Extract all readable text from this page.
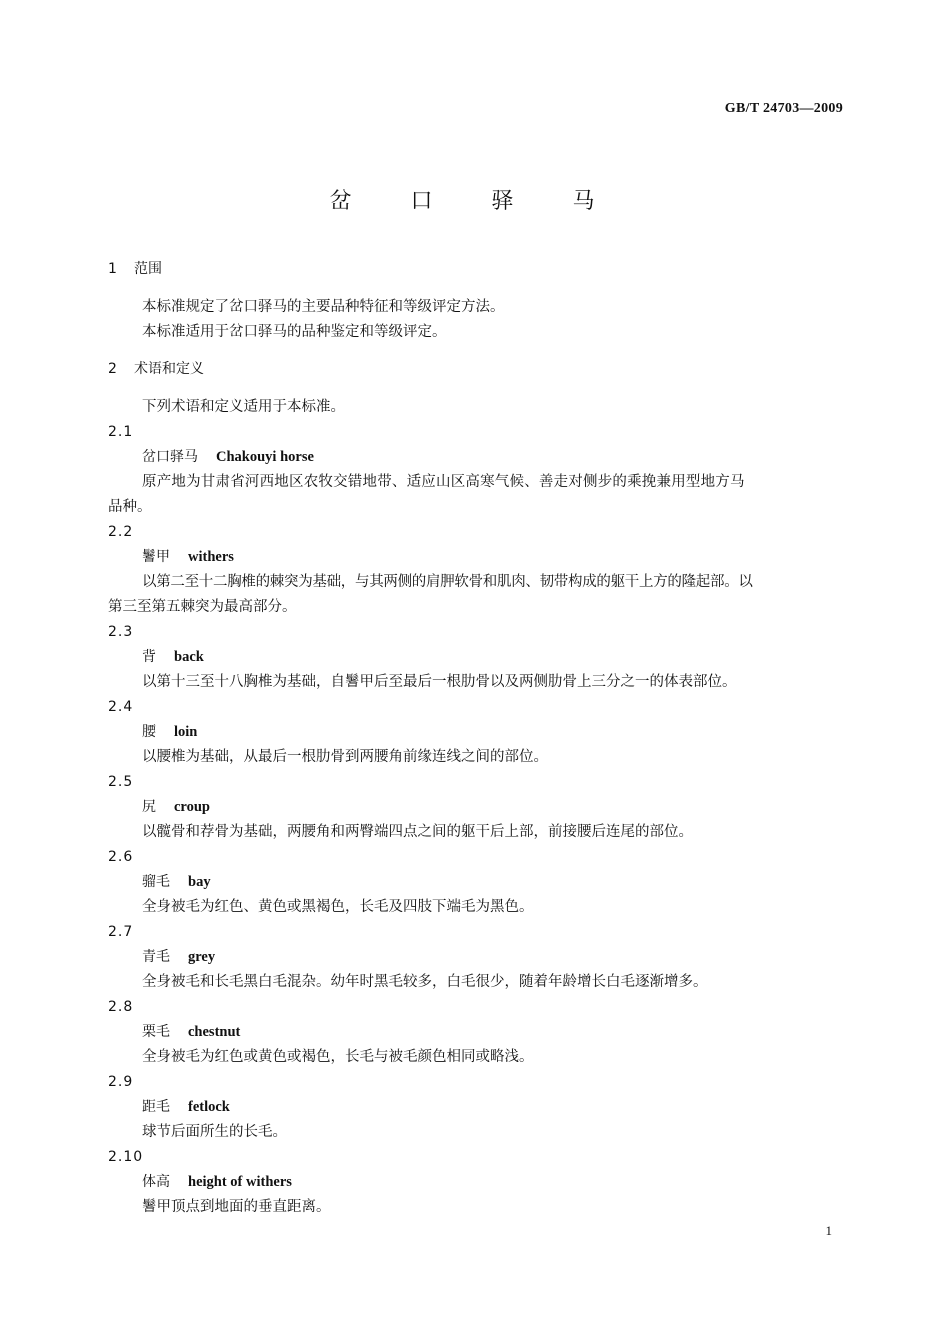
GB/T 24703—2009
岔 口 驿 马
1 范围
本标准规定了岔口驿马的主要品种特征和等级评定方法。
本标准适用于岔口驿马的品种鉴定和等级评定。
2 术语和定义
下列术语和定义适用于本标准。
2.1
岔口驿马 Chakouyi horse
原产地为甘肃省河西地区农牧交错地带、适应山区高寒气候、善走对侧步的乘挽兼用型地方马
品种。
2.2
鬐甲 withers
以第二至十二胸椎的棘突为基础，与其两侧的肩胛软骨和肌肉、韧带构成的躯干上方的隆起部。以
第三至第五棘突为最高部分。
2.3
背 back
以第十三至十八胸椎为基础，自鬐甲后至最后一根肋骨以及两侧肋骨上三分之一的体表部位。
2.4
腰 loin
以腰椎为基础，从最后一根肋骨到两腰角前缘连线之间的部位。
2.5
尻 croup
以髋骨和荐骨为基础，两腰角和两臀端四点之间的躯干后上部，前接腰后连尾的部位。
2.6
骝毛 bay
全身被毛为红色、黄色或黑褐色，长毛及四肢下端毛为黑色。
2.7
青毛 grey
全身被毛和长毛黑白毛混杂。幼年时黑毛较多，白毛很少，随着年龄增长白毛逐渐增多。
2.8
栗毛 chestnut
全身被毛为红色或黄色或褐色，长毛与被毛颜色相同或略浅。
2.9
距毛 fetlock
球节后面所生的长毛。
2.10
体高 height of withers
鬐甲顶点到地面的垂直距离。
1
